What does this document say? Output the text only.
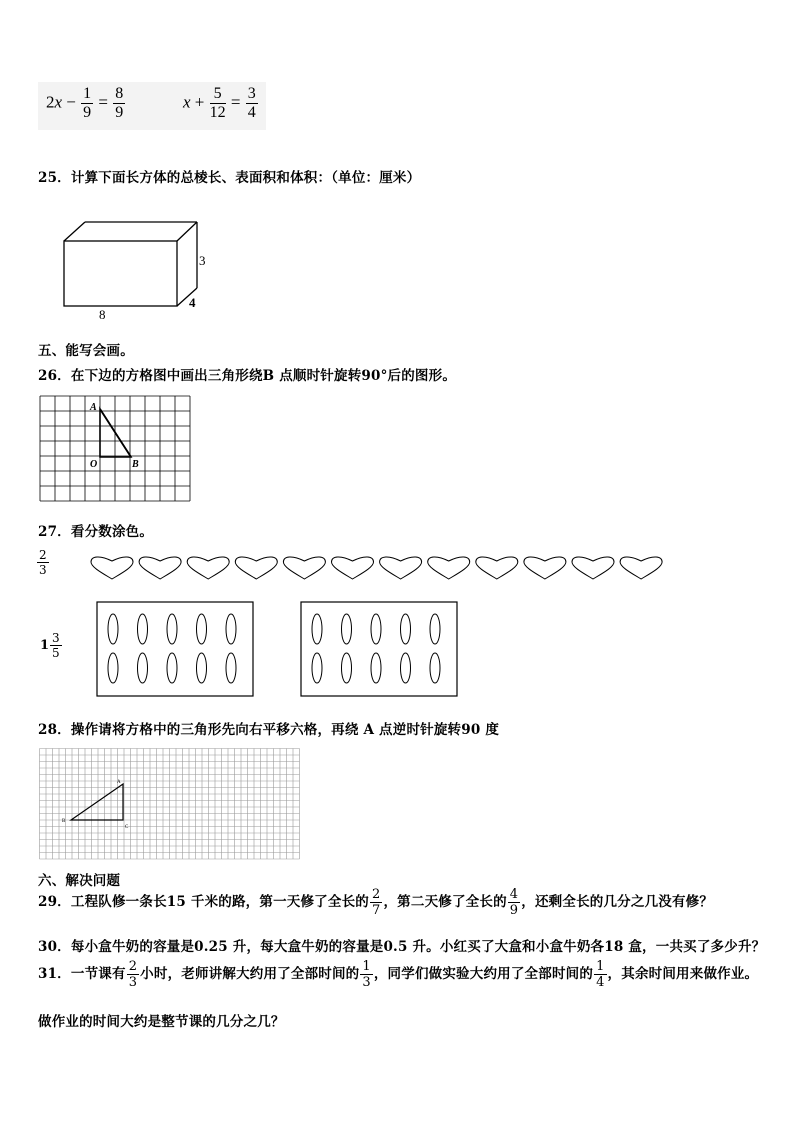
$2x - \frac{1}{9} = \frac{8}{9}$	$x + \frac{5}{12} = \frac{3}{4}$
25．计算下面长方体的总棱长、表面积和体积：（单位：厘米）
3
4
8
五、能写会画。
26．在下边的方格图中画出三角形绕B 点顺时针旋转90°后的图形。
A
O	B
27．看分数涂色。
$\frac{2}{3}$
$1 \frac{3}{5}$
28．操作请将方格中的三角形先向右平移六格，再绕 A 点逆时针旋转90 度
A
B
C
六、解决问题
29．工程队修一条长15 千米的路，第一天修了全长的 $\frac{2}{7}$ ，第二天修了全长的 $\frac{4}{9}$ ，还剩全长的几分之几没有修？
30．每小盒牛奶的容量是0.25 升，每大盒牛奶的容量是0.5 升。小红买了大盒和小盒牛奶各18 盒，一共买了多少升？
31．一节课有 $\frac{2}{3}$ 小时，老师讲解大约用了全部时间的 $\frac{1}{3}$ ，同学们做实验大约用了全部时间的 $\frac{1}{4}$ ，其余时间用来做作业。
做作业的时间大约是整节课的几分之几？
